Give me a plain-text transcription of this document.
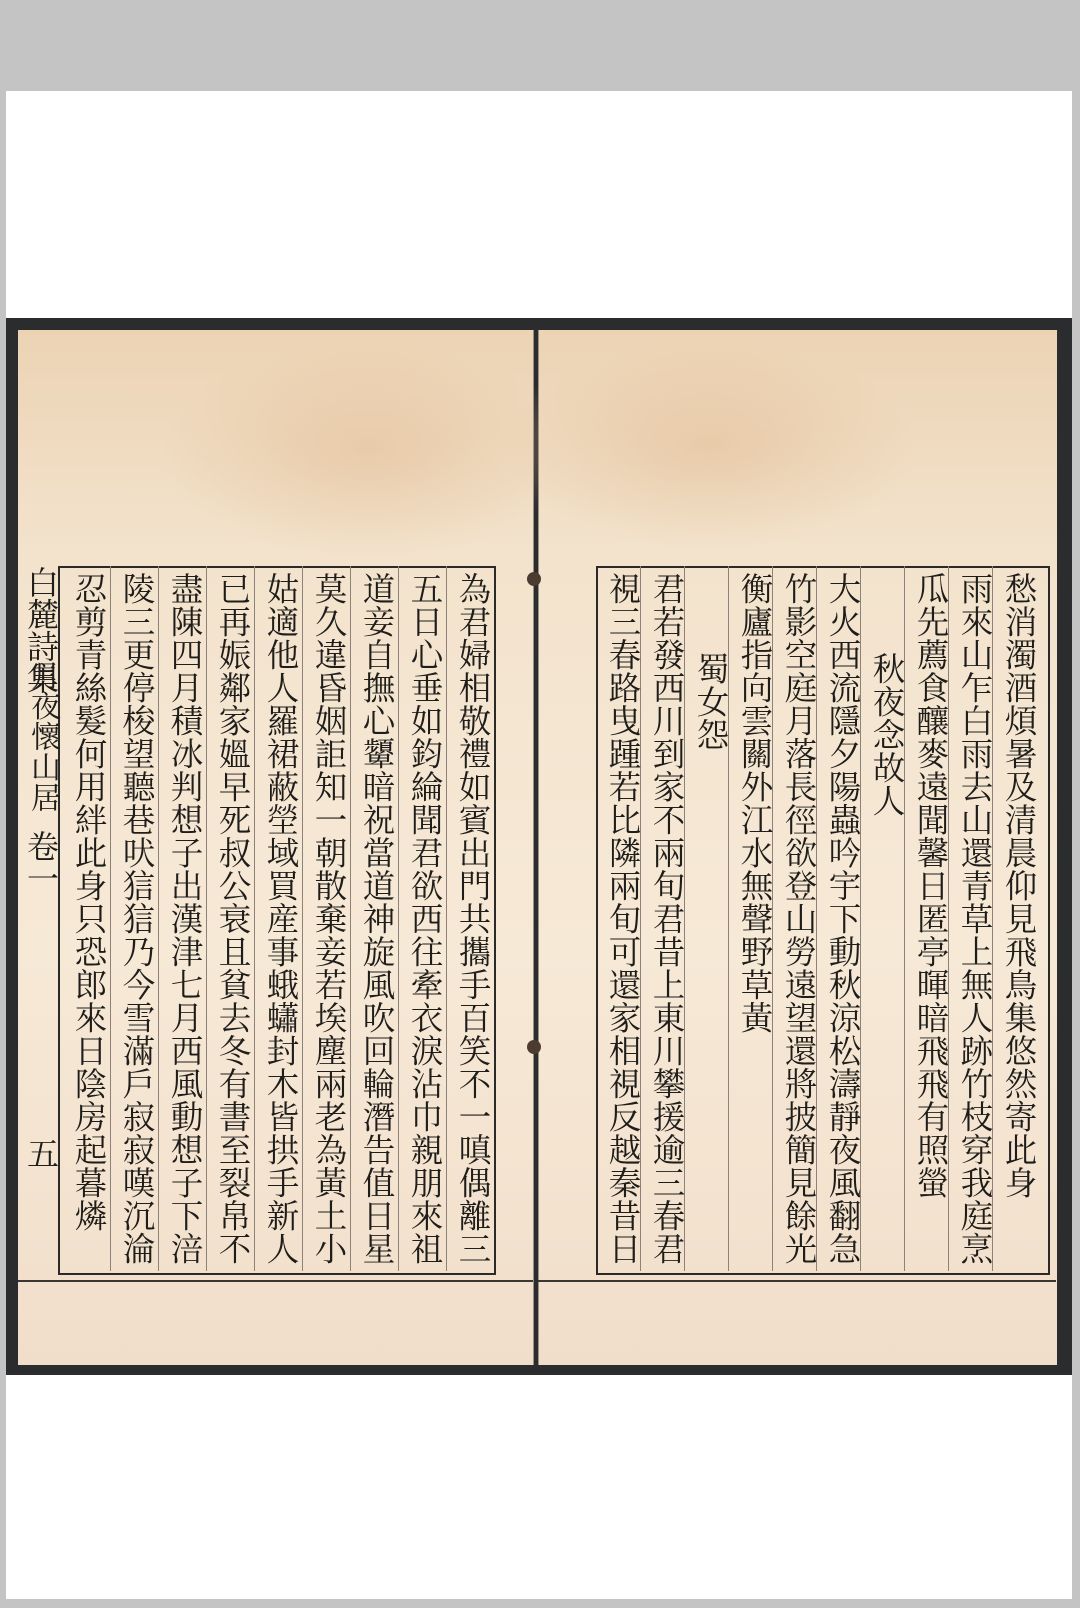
白麓詩集
卷一
五	為君婦相敬禮如賓出門共攜手百笑不一嗔偶離三
五日心垂如鈞綸聞君欲西往牽衣淚沾巾親朋來祖
道妾自撫心顰暗祝當道神旋風吹回輪潛告值日星
莫久違昏姻詎知一朝散棄妾若埃塵兩老為黃土小
姑適他人羅裙蔽塋域買産事蛾蠨封木皆拱手新人
已再娠鄰家媼早死叔公衰且貧去冬有書至裂帛不
盡陳四月積冰判想子出漢津七月西風動想子下涪
陵三更停梭望聽巷吠狺狺乃今雪滿戶寂寂嘆沉淪
忍剪青絲髮何用絆此身只恐郎來日陰房起暮燐
月夜懷山居	愁消濁酒煩暑及清晨仰見飛鳥集悠然寄此身
雨來山乍白雨去山還青草上無人跡竹枝穿我庭烹
瓜先薦食釀麥遠聞馨日匿亭暉暗飛飛有照螢
秋夜念故人
大火西流隱夕陽蟲吟宇下動秋涼松濤靜夜風翻急
竹影空庭月落長徑欲登山勞遠望還將披簡見餘光
衡廬指向雲關外江水無聲野草黃
蜀女怨
君若發西川到家不兩旬君昔上東川攀援逾三春君
視三春路曳踵若比隣兩旬可還家相視反越秦昔日
